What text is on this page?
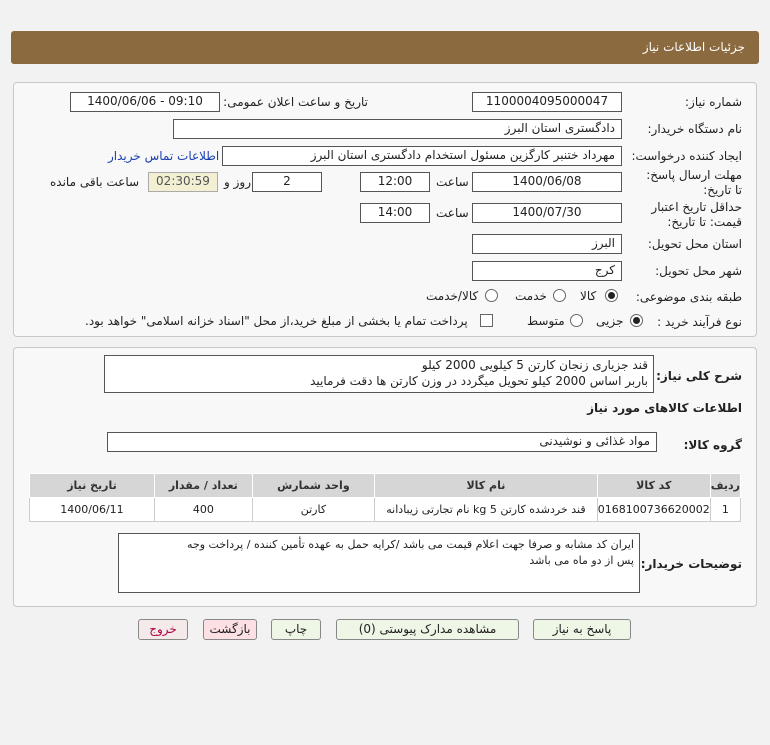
جزئیات اطلاعات نیاز
شماره نیاز:
1100004095000047
تاریخ و ساعت اعلان عمومی:
1400/06/06 - 09:10
نام دستگاه خریدار:
دادگستری استان البرز
ایجاد کننده درخواست:
مهرداد ختنبر کارگزین مسئول استخدام دادگستری استان البرز
اطلاعات تماس خریدار
مهلت ارسال پاسخ: تا تاریخ:
1400/06/08
ساعت
12:00
2
روز و
02:30:59
ساعت باقی مانده
حداقل تاریخ اعتبار قیمت: تا تاریخ:
1400/07/30
ساعت
14:00
استان محل تحویل:
البرز
شهر محل تحویل:
کرج
طبقه بندی موضوعی:
کالا
خدمت
کالا/خدمت
نوع فرآیند خرید :
جزیی
متوسط
پرداخت تمام یا بخشی از مبلغ خرید،از محل "اسناد خزانه اسلامی" خواهد بود.
شرح کلی نیاز:
قند جزیاری زنجان کارتن 5 کیلویی 2000 کیلو
باربر اساس 2000 کیلو تحویل میگردد در وزن کارتن ها دقت فرمایید
اطلاعات کالاهای مورد نیاز
گروه کالا:
مواد غذائی و نوشیدنی
ردیف	کد کالا	نام کالا	واحد شمارش	تعداد / مقدار	تاریخ نیاز
1	0168100736620002	قند خردشده کارتن 5 kg نام تجارتی زیبادانه	کارتن	400	1400/06/11
توضیحات خریدار:
ایران کد مشابه و صرفا جهت اعلام قیمت می باشد /کرایه حمل به عهده تأمین کننده / پرداخت وجه
پس از دو ماه می باشد
پاسخ به نیاز
مشاهده مدارک پیوستی (0)
چاپ
بازگشت
خروج
